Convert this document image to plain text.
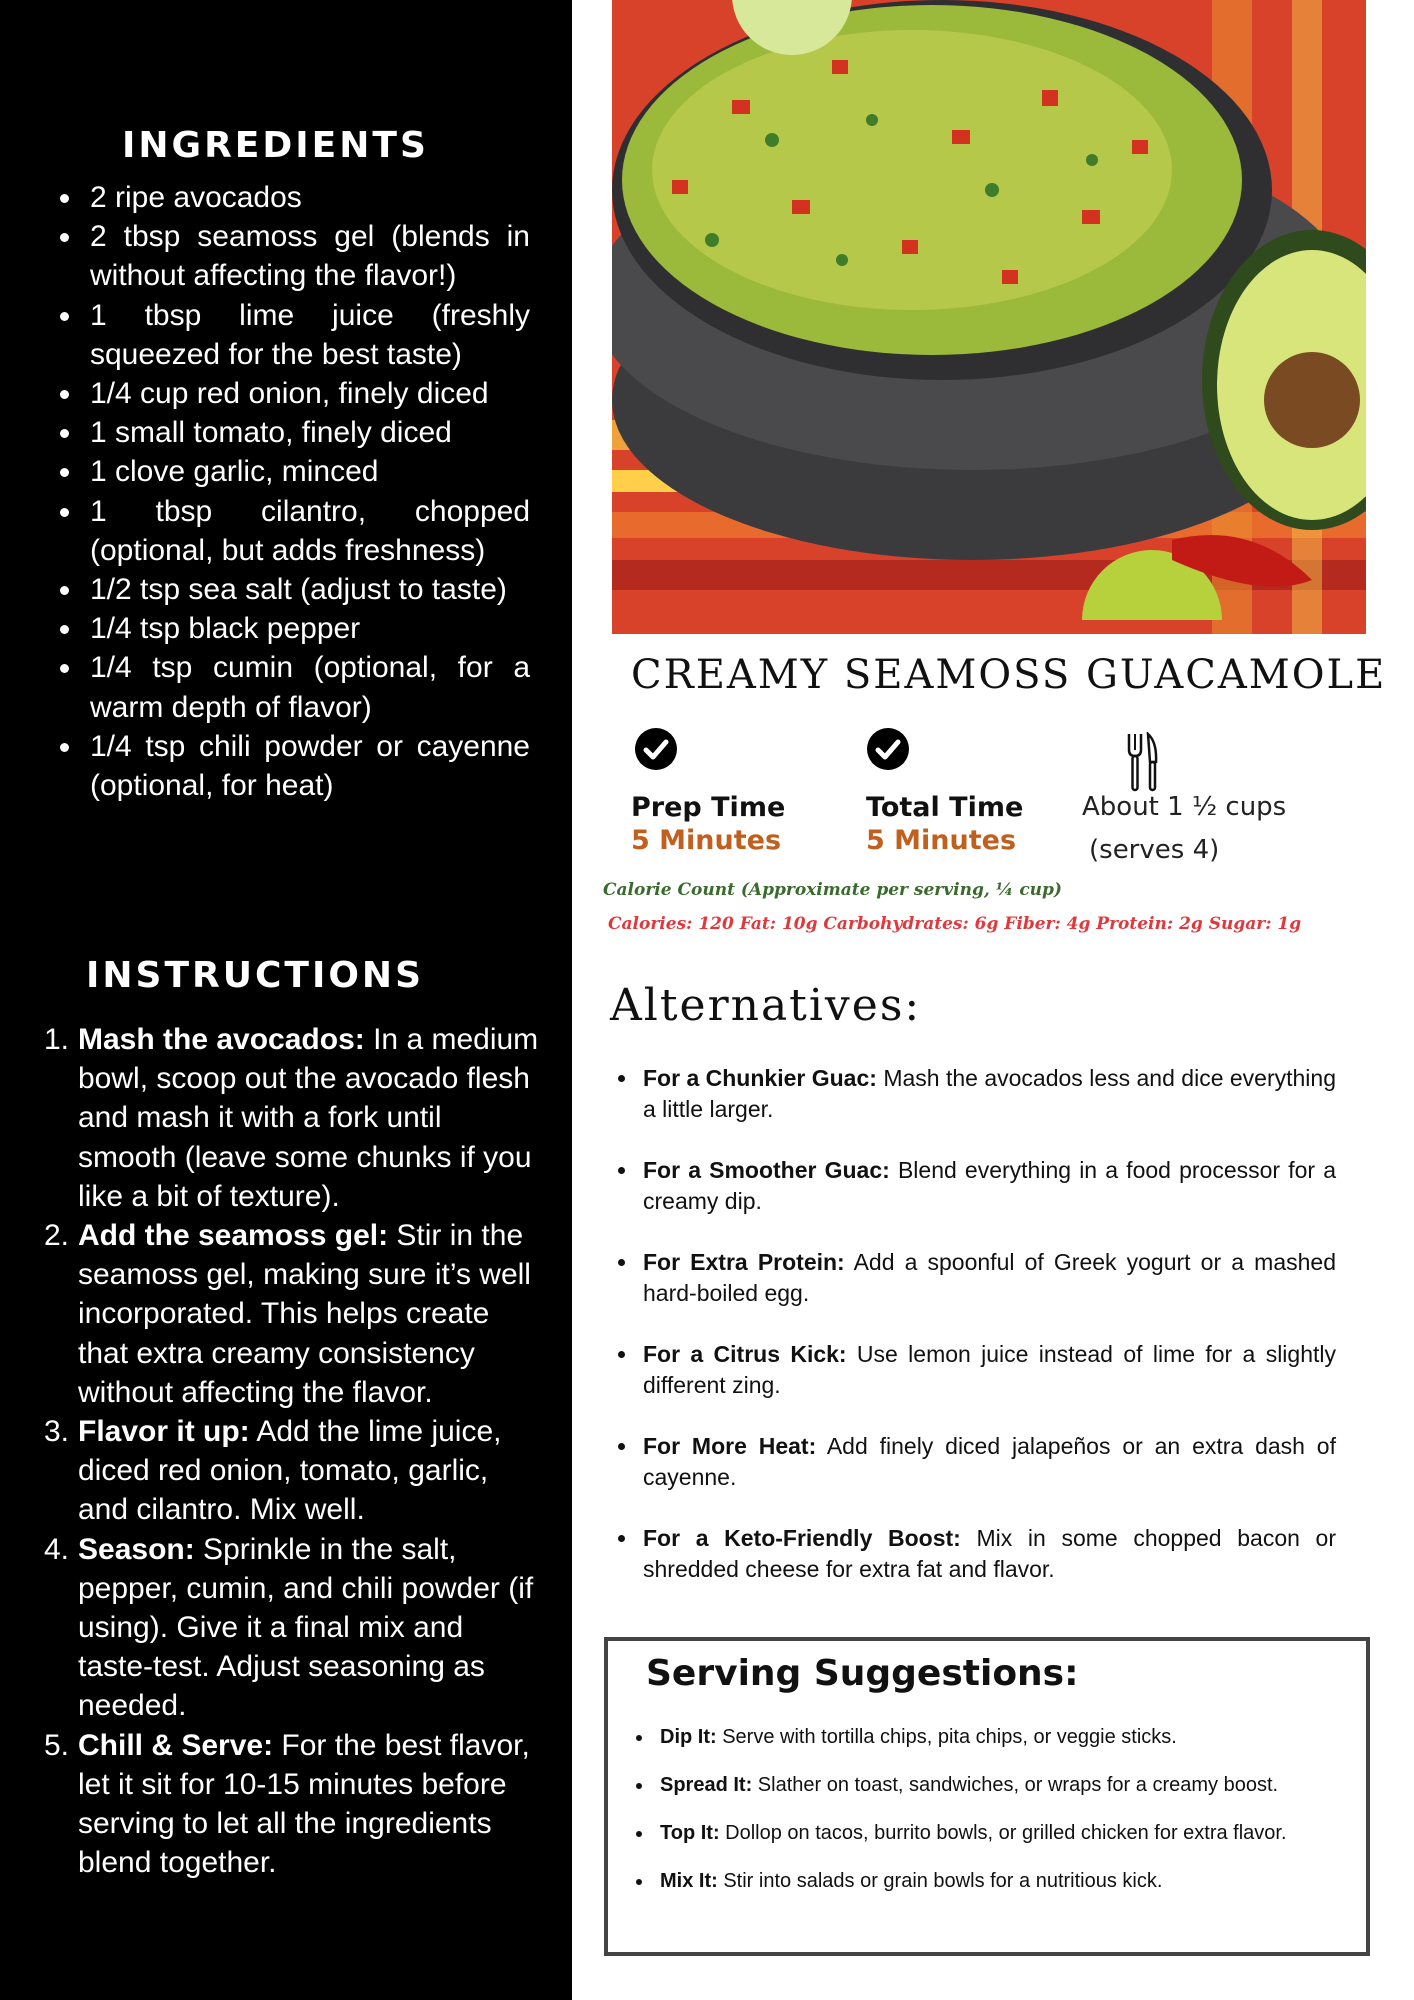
INGREDIENTS
2 ripe avocados
2 tbsp seamoss gel (blends in without affecting the flavor!)
1 tbsp lime juice (freshly squeezed for the best taste)
1/4 cup red onion, finely diced
1 small tomato, finely diced
1 clove garlic, minced
1 tbsp cilantro, chopped (optional, but adds freshness)
1/2 tsp sea salt (adjust to taste)
1/4 tsp black pepper
1/4 tsp cumin (optional, for a warm depth of flavor)
1/4 tsp chili powder or cayenne (optional, for heat)
INSTRUCTIONS
1. Mash the avocados: In a medium bowl, scoop out the avocado flesh and mash it with a fork until smooth (leave some chunks if you like a bit of texture).
2. Add the seamoss gel: Stir in the seamoss gel, making sure it’s well incorporated. This helps create that extra creamy consistency without affecting the flavor.
3. Flavor it up: Add the lime juice, diced red onion, tomato, garlic, and cilantro. Mix well.
4. Season: Sprinkle in the salt, pepper, cumin, and chili powder (if using). Give it a final mix and taste-test. Adjust seasoning as needed.
5. Chill & Serve: For the best flavor, let it sit for 10-15 minutes before serving to let all the ingredients blend together.
CREAMY SEAMOSS GUACAMOLE
Prep Time
5 Minutes
Total Time
5 Minutes
About 1 ½ cups
(serves 4)
Calorie Count (Approximate per serving, ¼ cup)
Calories: 120 Fat: 10g Carbohydrates: 6g Fiber: 4g Protein: 2g Sugar: 1g
Alternatives:
For a Chunkier Guac: Mash the avocados less and dice everything a little larger.
For a Smoother Guac: Blend everything in a food processor for a creamy dip.
For Extra Protein: Add a spoonful of Greek yogurt or a mashed hard-boiled egg.
For a Citrus Kick: Use lemon juice instead of lime for a slightly different zing.
For More Heat: Add finely diced jalapeños or an extra dash of cayenne.
For a Keto-Friendly Boost: Mix in some chopped bacon or shredded cheese for extra fat and flavor.
Serving Suggestions:
Dip It: Serve with tortilla chips, pita chips, or veggie sticks.
Spread It: Slather on toast, sandwiches, or wraps for a creamy boost.
Top It: Dollop on tacos, burrito bowls, or grilled chicken for extra flavor.
Mix It: Stir into salads or grain bowls for a nutritious kick.
